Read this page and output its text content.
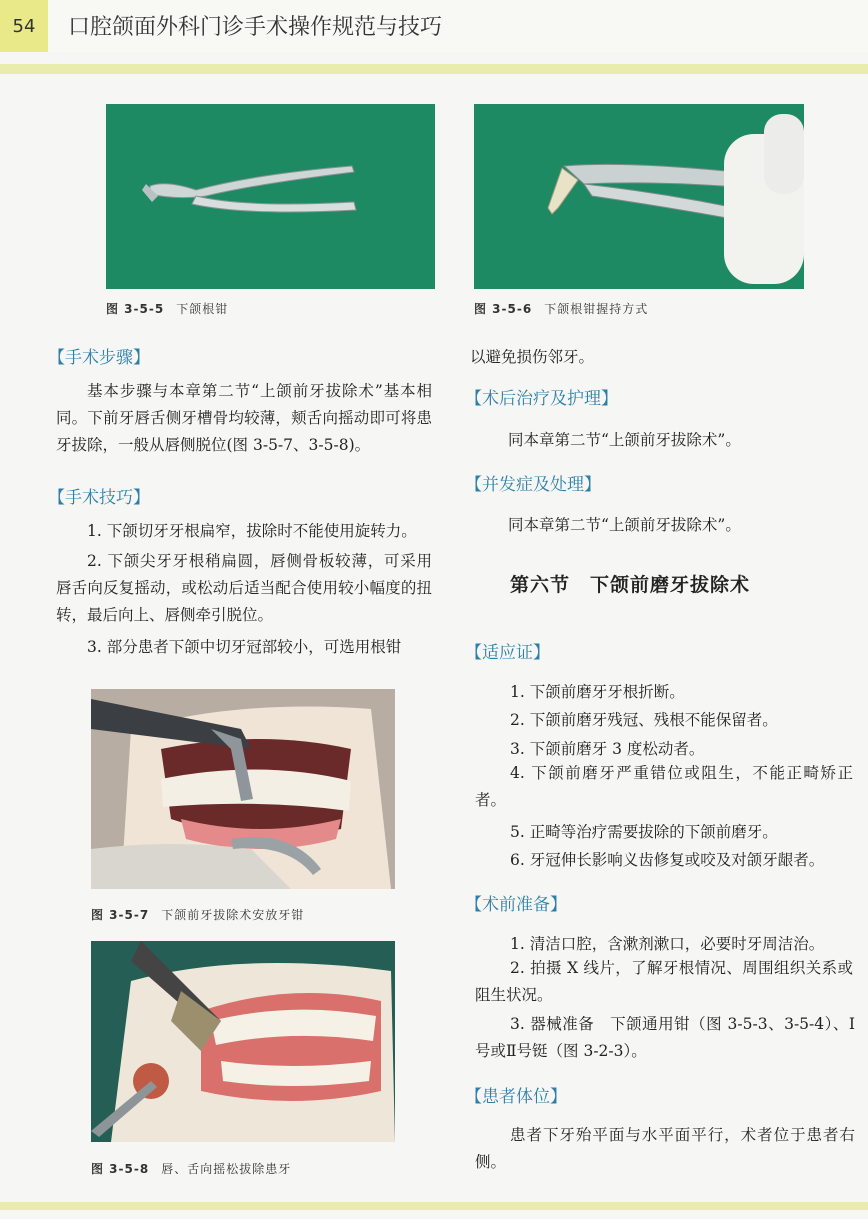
54	口腔颌面外科门诊手术操作规范与技巧
图 3-5-5 下颌根钳	图 3-5-6 下颌根钳握持方式
【手术步骤】
基本步骤与本章第二节“上颌前牙拔除术”基本相同。下前牙唇舌侧牙槽骨均较薄，颊舌向摇动即可将患牙拔除，一般从唇侧脱位(图 3-5-7、3-5-8)。
【手术技巧】
1. 下颌切牙牙根扁窄，拔除时不能使用旋转力。
2. 下颌尖牙牙根稍扁圆，唇侧骨板较薄，可采用唇舌向反复摇动，或松动后适当配合使用较小幅度的扭转，最后向上、唇侧牵引脱位。
3. 部分患者下颌中切牙冠部较小，可选用根钳
图 3-5-7 下颌前牙拔除术安放牙钳
图 3-5-8 唇、舌向摇松拔除患牙
以避免损伤邻牙。
【术后治疗及护理】
同本章第二节“上颌前牙拔除术”。
【并发症及处理】
同本章第二节“上颌前牙拔除术”。
第六节　下颌前磨牙拔除术
【适应证】
1. 下颌前磨牙牙根折断。
2. 下颌前磨牙残冠、残根不能保留者。
3. 下颌前磨牙 3 度松动者。
4. 下颌前磨牙严重错位或阻生，不能正畸矫正者。
5. 正畸等治疗需要拔除的下颌前磨牙。
6. 牙冠伸长影响义齿修复或咬及对颌牙龈者。
【术前准备】
1. 清洁口腔，含漱剂漱口，必要时牙周洁治。
2. 拍摄 X 线片，了解牙根情况、周围组织关系或阻生状况。
3. 器械准备　下颌通用钳（图 3-5-3、3-5-4）、Ⅰ号或Ⅱ号铤（图 3-2-3）。
【患者体位】
患者下牙殆平面与水平面平行，术者位于患者右侧。
